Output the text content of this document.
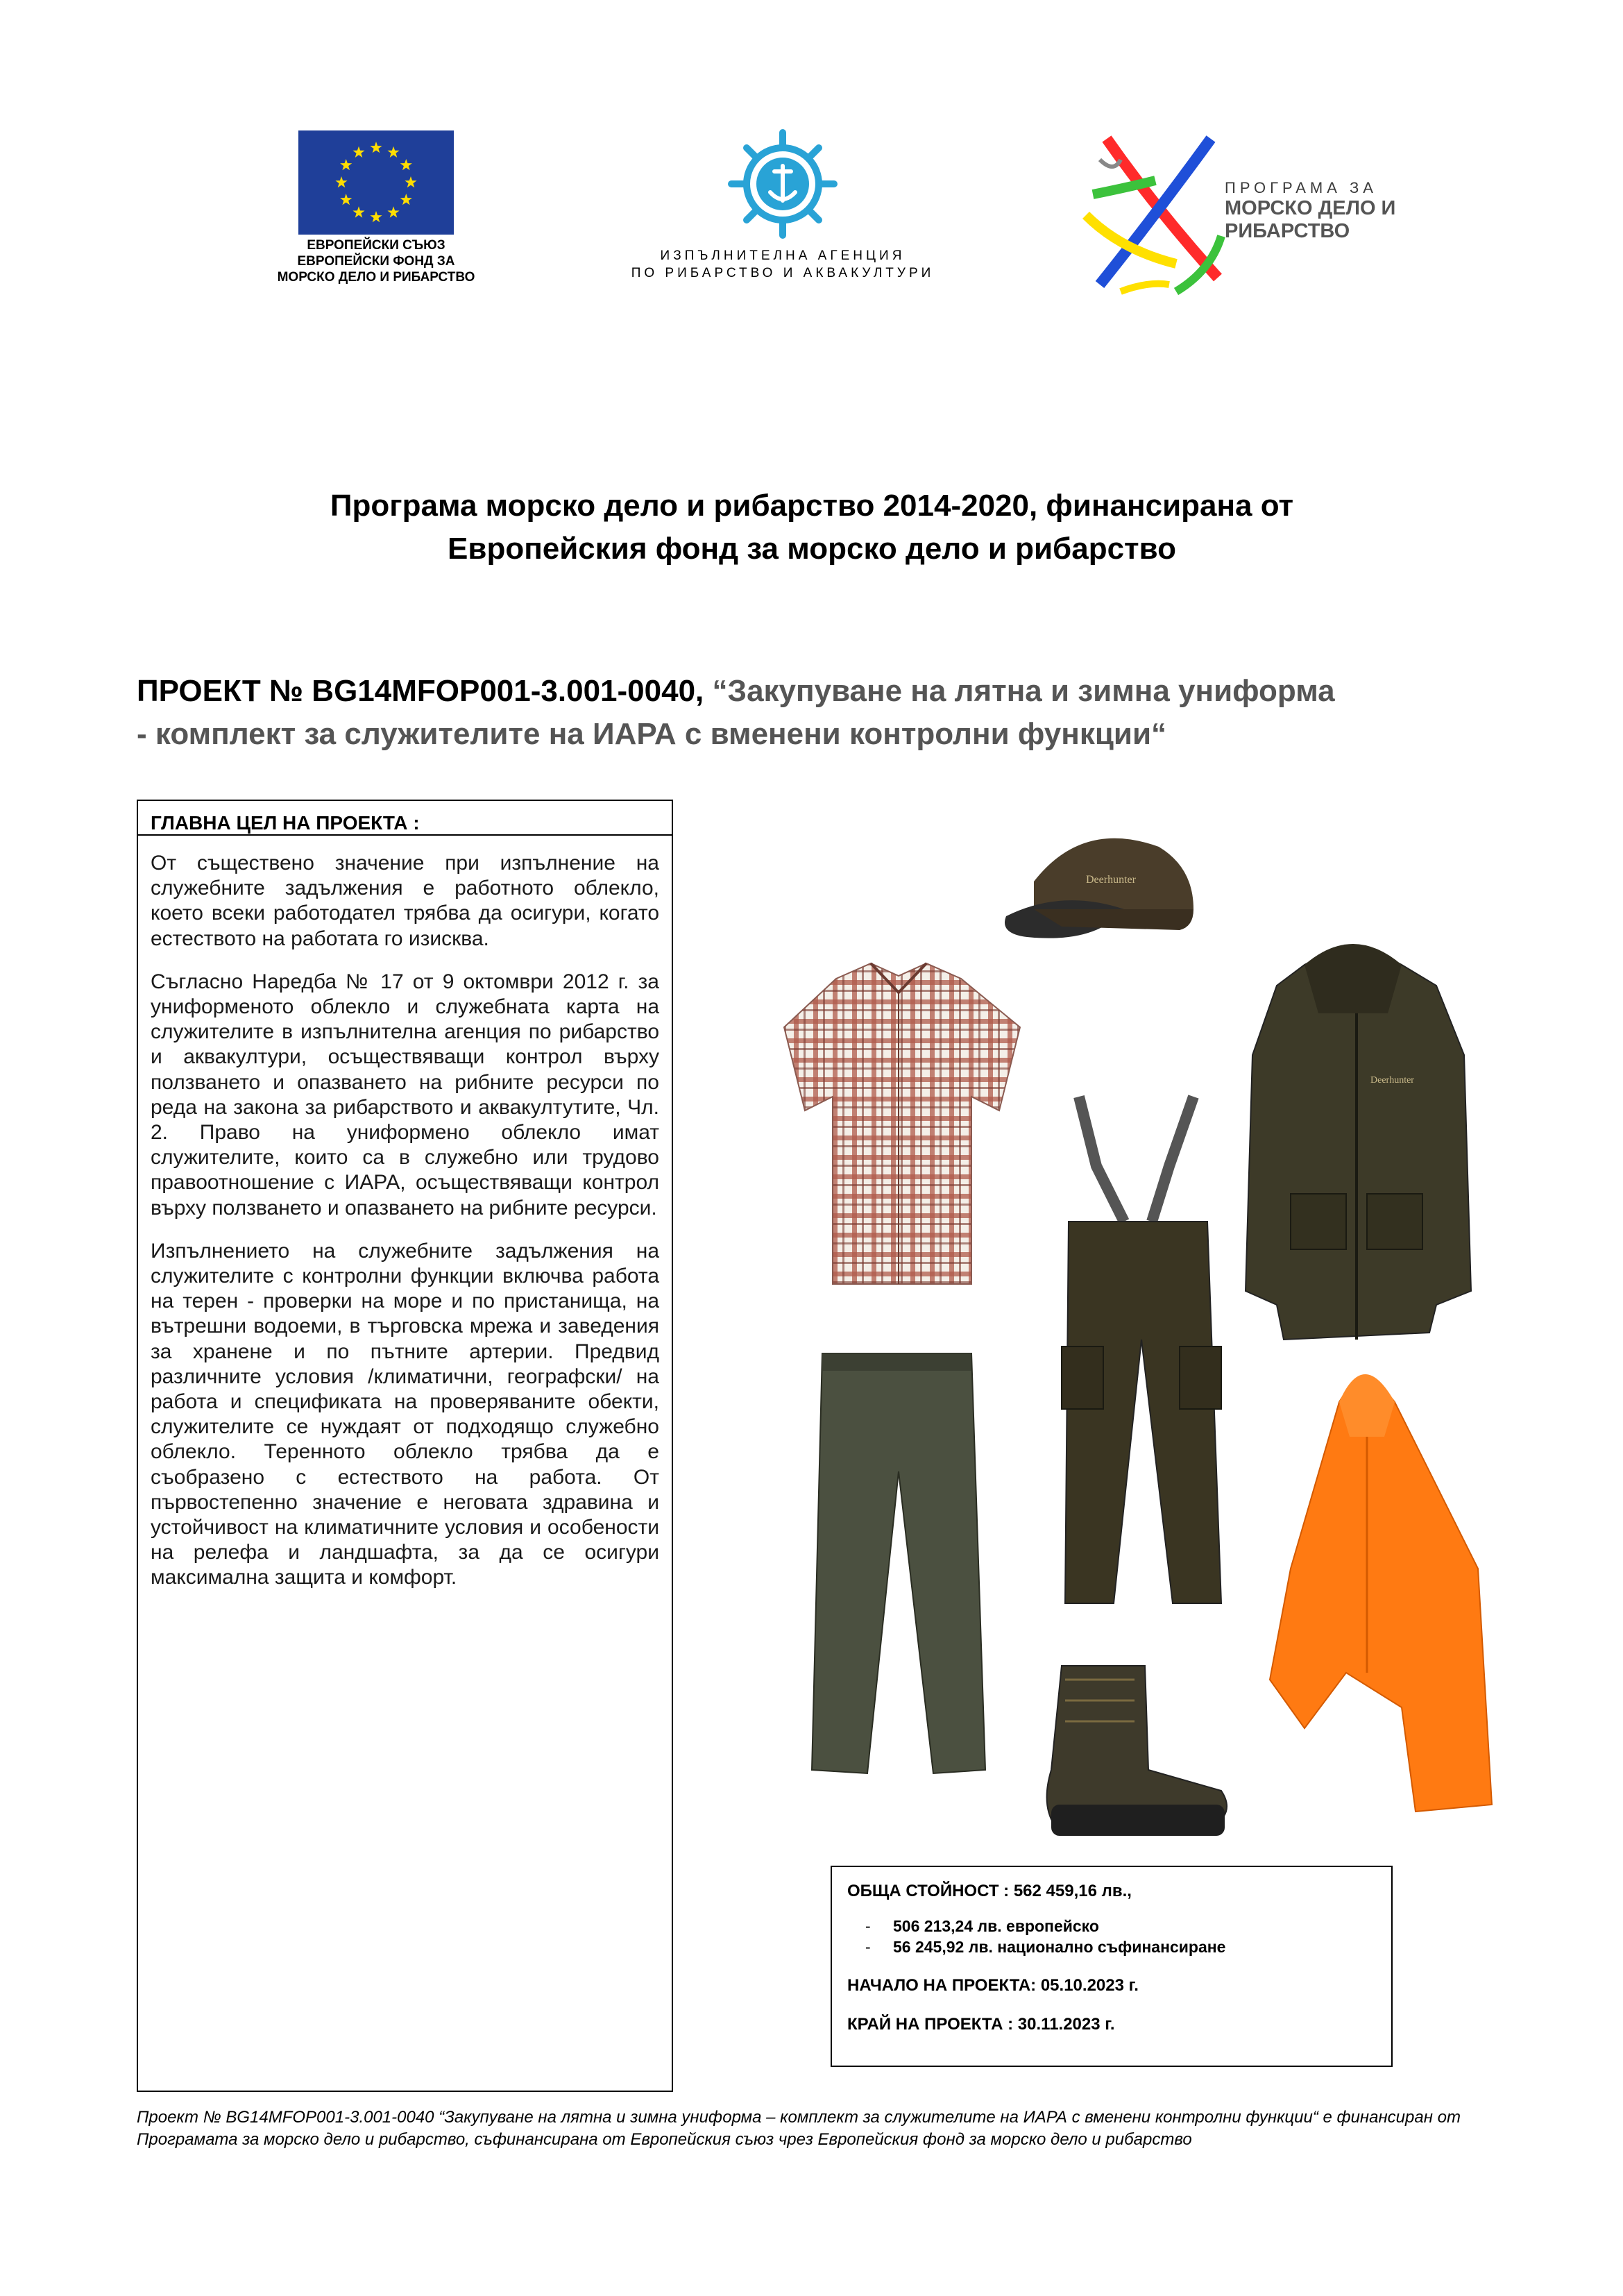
ЕВРОПЕЙСКИ СЪЮЗ
ЕВРОПЕЙСКИ ФОНД ЗА
МОРСКО ДЕЛО И РИБАРСТВО
ИЗПЪЛНИТЕЛНА АГЕНЦИЯ
ПО РИБАРСТВО И АКВАКУЛТУРИ
ПРОГРАМА ЗА
МОРСКО ДЕЛО И
РИБАРСТВО
Програма морско дело и рибарство 2014-2020, финансирана от
Европейския фонд за морско дело и рибарство
ПРОЕКТ № BG14MFOP001-3.001-0040, “Закупуване на лятна и зимна униформа
- комплект за служителите на ИАРА с вменени контролни функции“
ГЛАВНА ЦЕЛ НА ПРОЕКТА :

От съществено значение при изпълнение на служебните задължения е работното облекло, което всеки работодател трябва да осигури, когато естеството на работата го изисква.

Съгласно Наредба № 17 от 9 октомври 2012 г. за униформеното облекло и служебната карта на служителите в изпълнителна агенция по рибарство и аквакултури, осъществяващи контрол върху ползването и опазването на рибните ресурси по реда на закона за рибарството и аквакултутите, Чл. 2. Право на униформено облекло имат служителите, които са в служебно или трудово правоотношение с ИАРА, осъществяващи контрол върху ползването и опазването на рибните ресурси.

Изпълнението на служебните задължения на служителите с контролни функции включва работа на терен - проверки на море и по пристанища, на вътрешни водоеми, в търговска мрежа и заведения за хранене и по пътните артерии. Предвид различните условия /климатични, географски/ на работа и спецификата на проверяваните обекти, служителите се нуждаят от подходящо служебно облекло. Теренното облекло трябва да е съобразено с естеството на работа. От първостепенно значение е неговата здравина и устойчивост на климатичните условия и особености на релефа и ландшафта, за да се осигури максимална защита и комфорт.

Deerhunter
Deerhunter
ОБЩА СТОЙНОСТ : 562 459,16 лв.,
- 506 213,24 лв. европейско
- 56 245,92 лв. национално съфинансиране
НАЧАЛО НА ПРОЕКТА: 05.10.2023 г.
КРАЙ НА ПРОЕКТА : 30.11.2023 г.
Проект № BG14MFOP001-3.001-0040 “Закупуване на лятна и зимна униформа – комплект за служителите на ИАРА с вменени контролни функции“ е финансиран от Програмата за морско дело и рибарство, съфинансирана от Европейския съюз чрез Европейския фонд за морско дело и рибарство
